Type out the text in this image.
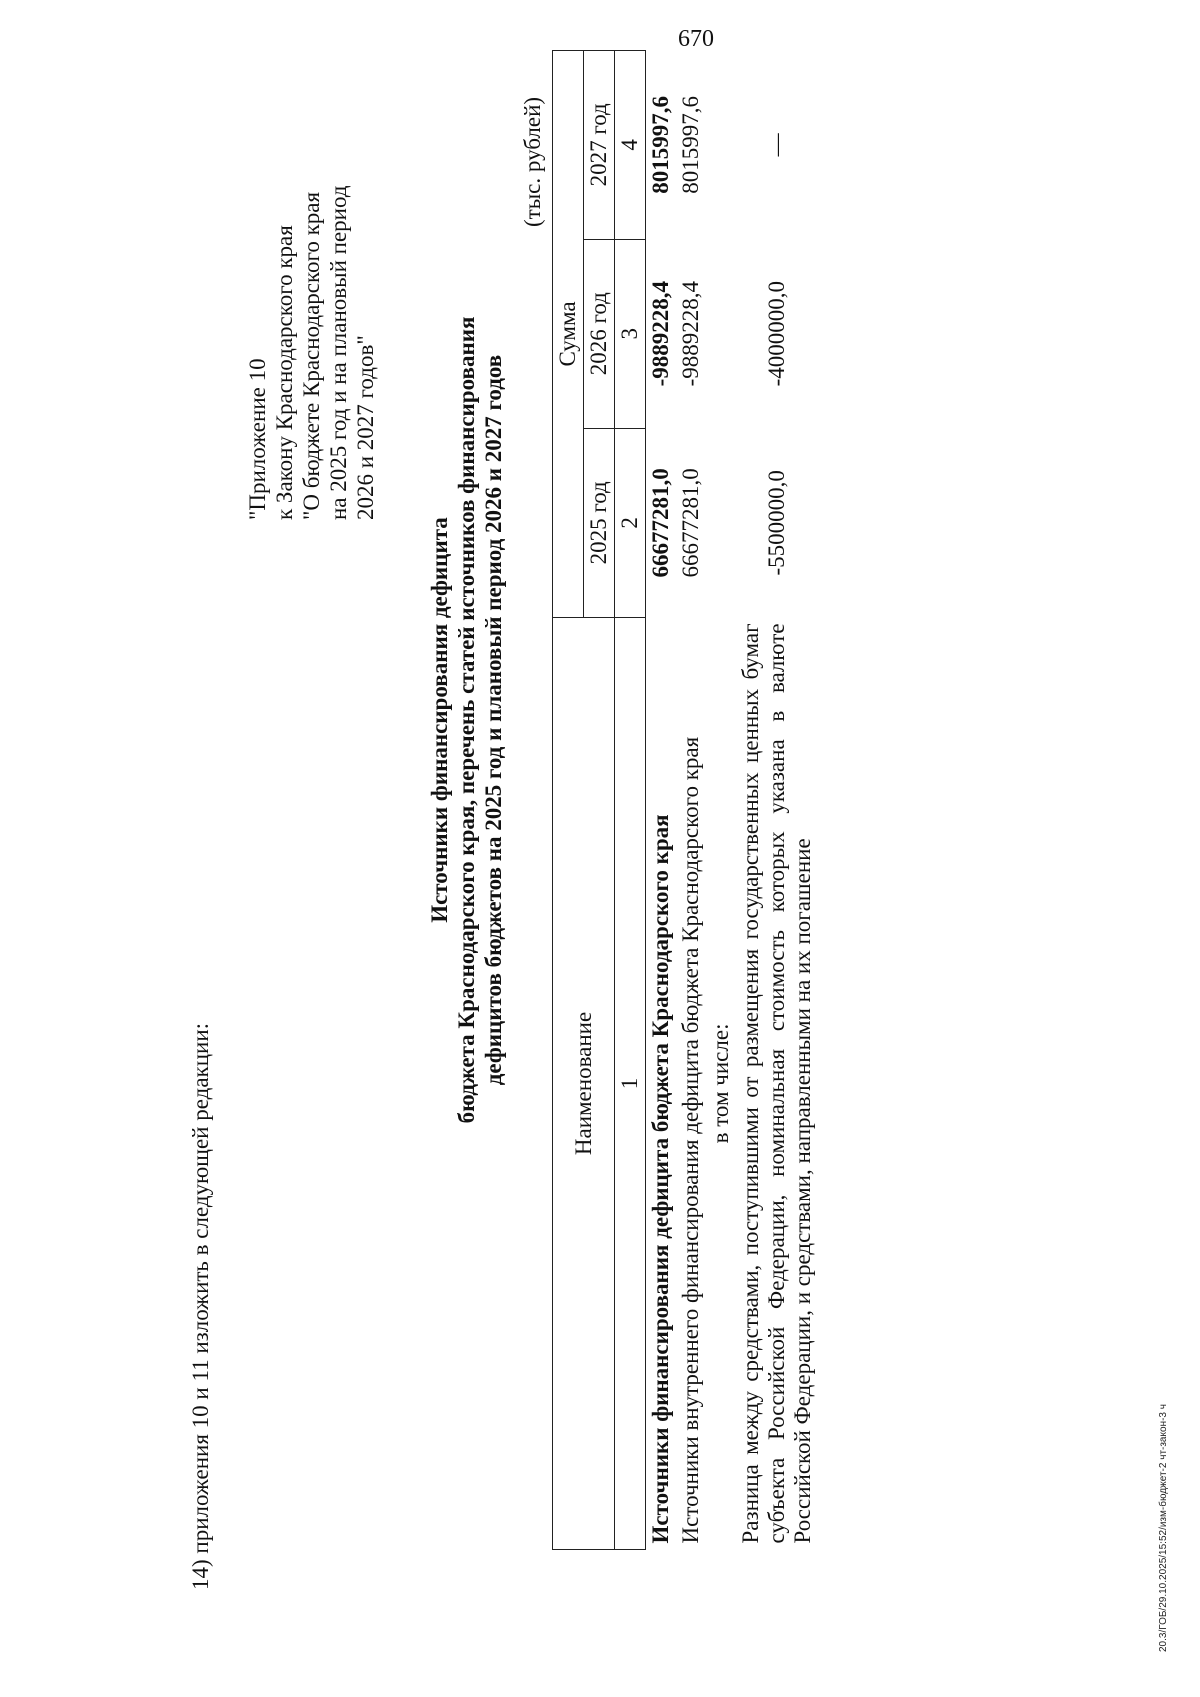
670
14) приложения 10 и 11 изложить в следующей редакции:
"Приложение 10 к Закону Краснодарского края "О бюджете Краснодарского края на 2025 год и на плановый период 2026 и 2027 годов"
Источники финансирования дефицита бюджета Краснодарского края, перечень статей источников финансирования дефицитов бюджетов на 2025 год и плановый период 2026 и 2027 годов
(тыс. рублей)
Наименование	Сумма		
	2025 год	2026 год	2027 год
1	2	3	4
Источники финансирования дефицита бюджета Краснодарского края	66677281,0	-9889228,4	8015997,6
Источники внутреннего финансирования дефицита бюджета Краснодарского края	66677281,0	-9889228,4	8015997,6
в том числе:			
Разница между средствами, поступившими от размещения государственных ценных бумаг субъекта Российской Федерации, номинальная стоимость которых указана в валюте Российской Федерации, и средствами, направленными на их погашение	-5500000,0	-4000000,0	—
20.3/ГОБ/29.10.2025/15:52/изм-бюджет-2 чт-закон-3 ч
